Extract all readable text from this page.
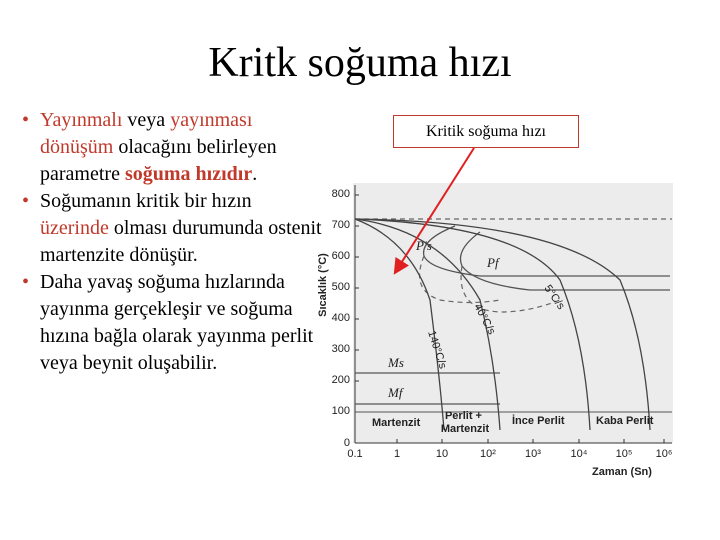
Kritk soğuma hızı

• Yayınmalı veya yayınması dönüşüm olacağını belirleyen parametre soğuma hızıdır.

• Soğumanın kritik bir hızın üzerinde olması durumunda ostenit martenzite dönüşür.

• Daha yavaş soğuma hızlarında yayınma gerçekleşir ve soğuma hızına bağla olarak yayınma perlit veya beynit oluşabilir.

Kritik soğuma hızı
0
100
200
300
400
500
600
700
800
0.1	1	10	10²	10³	10⁴	10⁵ 10⁶
Sıcaklık (°C)
Zaman (Sn)
Ms
Mf
P's
Pf
140°C/s
40°C/s
5°C/s
Martenzit
Perlit + Martenzit
İnce Perlit	Kaba Perlit
